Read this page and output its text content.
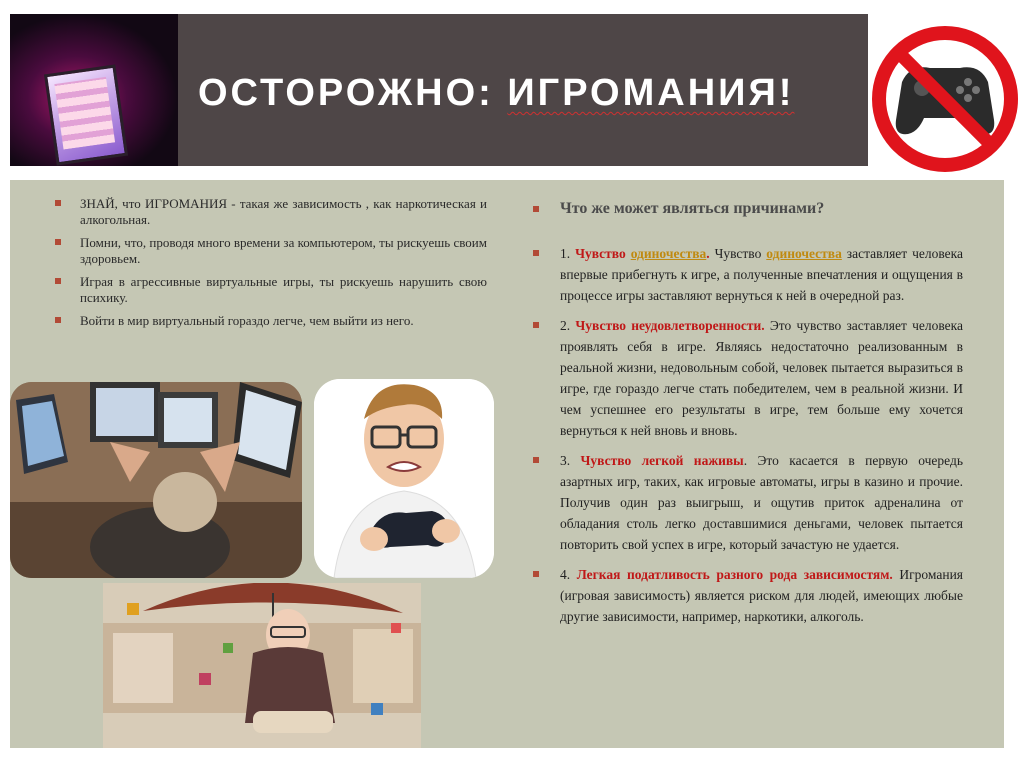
ОСТОРОЖНО: ИГРОМАНИЯ!
ЗНАЙ, что ИГРОМАНИЯ - такая же зависимость , как наркотическая и алкогольная.
Помни, что, проводя много времени за компьютером, ты рискуешь своим здоровьем.
Играя в агрессивные виртуальные игры, ты рискуешь нарушить свою психику.
Войти в мир виртуальный гораздо легче, чем выйти из него.
Что же может являться причинами?
1. Чувство одиночества. Чувство одиночества заставляет человека впервые прибегнуть к игре, а полученные впечатления и ощущения в процессе игры заставляют вернуться к ней в очередной раз.
2. Чувство неудовлетворенности. Это чувство заставляет человека проявлять себя в игре. Являясь недостаточно реализованным в реальной жизни, недовольным собой, человек пытается выразиться в игре, где гораздо легче стать победителем, чем в реальной жизни. И чем успешнее его результаты в игре, тем больше ему хочется вернуться к ней вновь и вновь.
3. Чувство легкой наживы. Это касается в первую очередь азартных игр, таких, как игровые автоматы, игры в казино и прочие. Получив один раз выигрыш, и ощутив приток адреналина от обладания столь легко доставшимися деньгами, человек пытается повторить свой успех в игре, который зачастую не удается.
4. Легкая податливость разного рода зависимостям. Игромания (игровая зависимость) является риском для людей, имеющих любые другие зависимости, например, наркотики, алкоголь.
